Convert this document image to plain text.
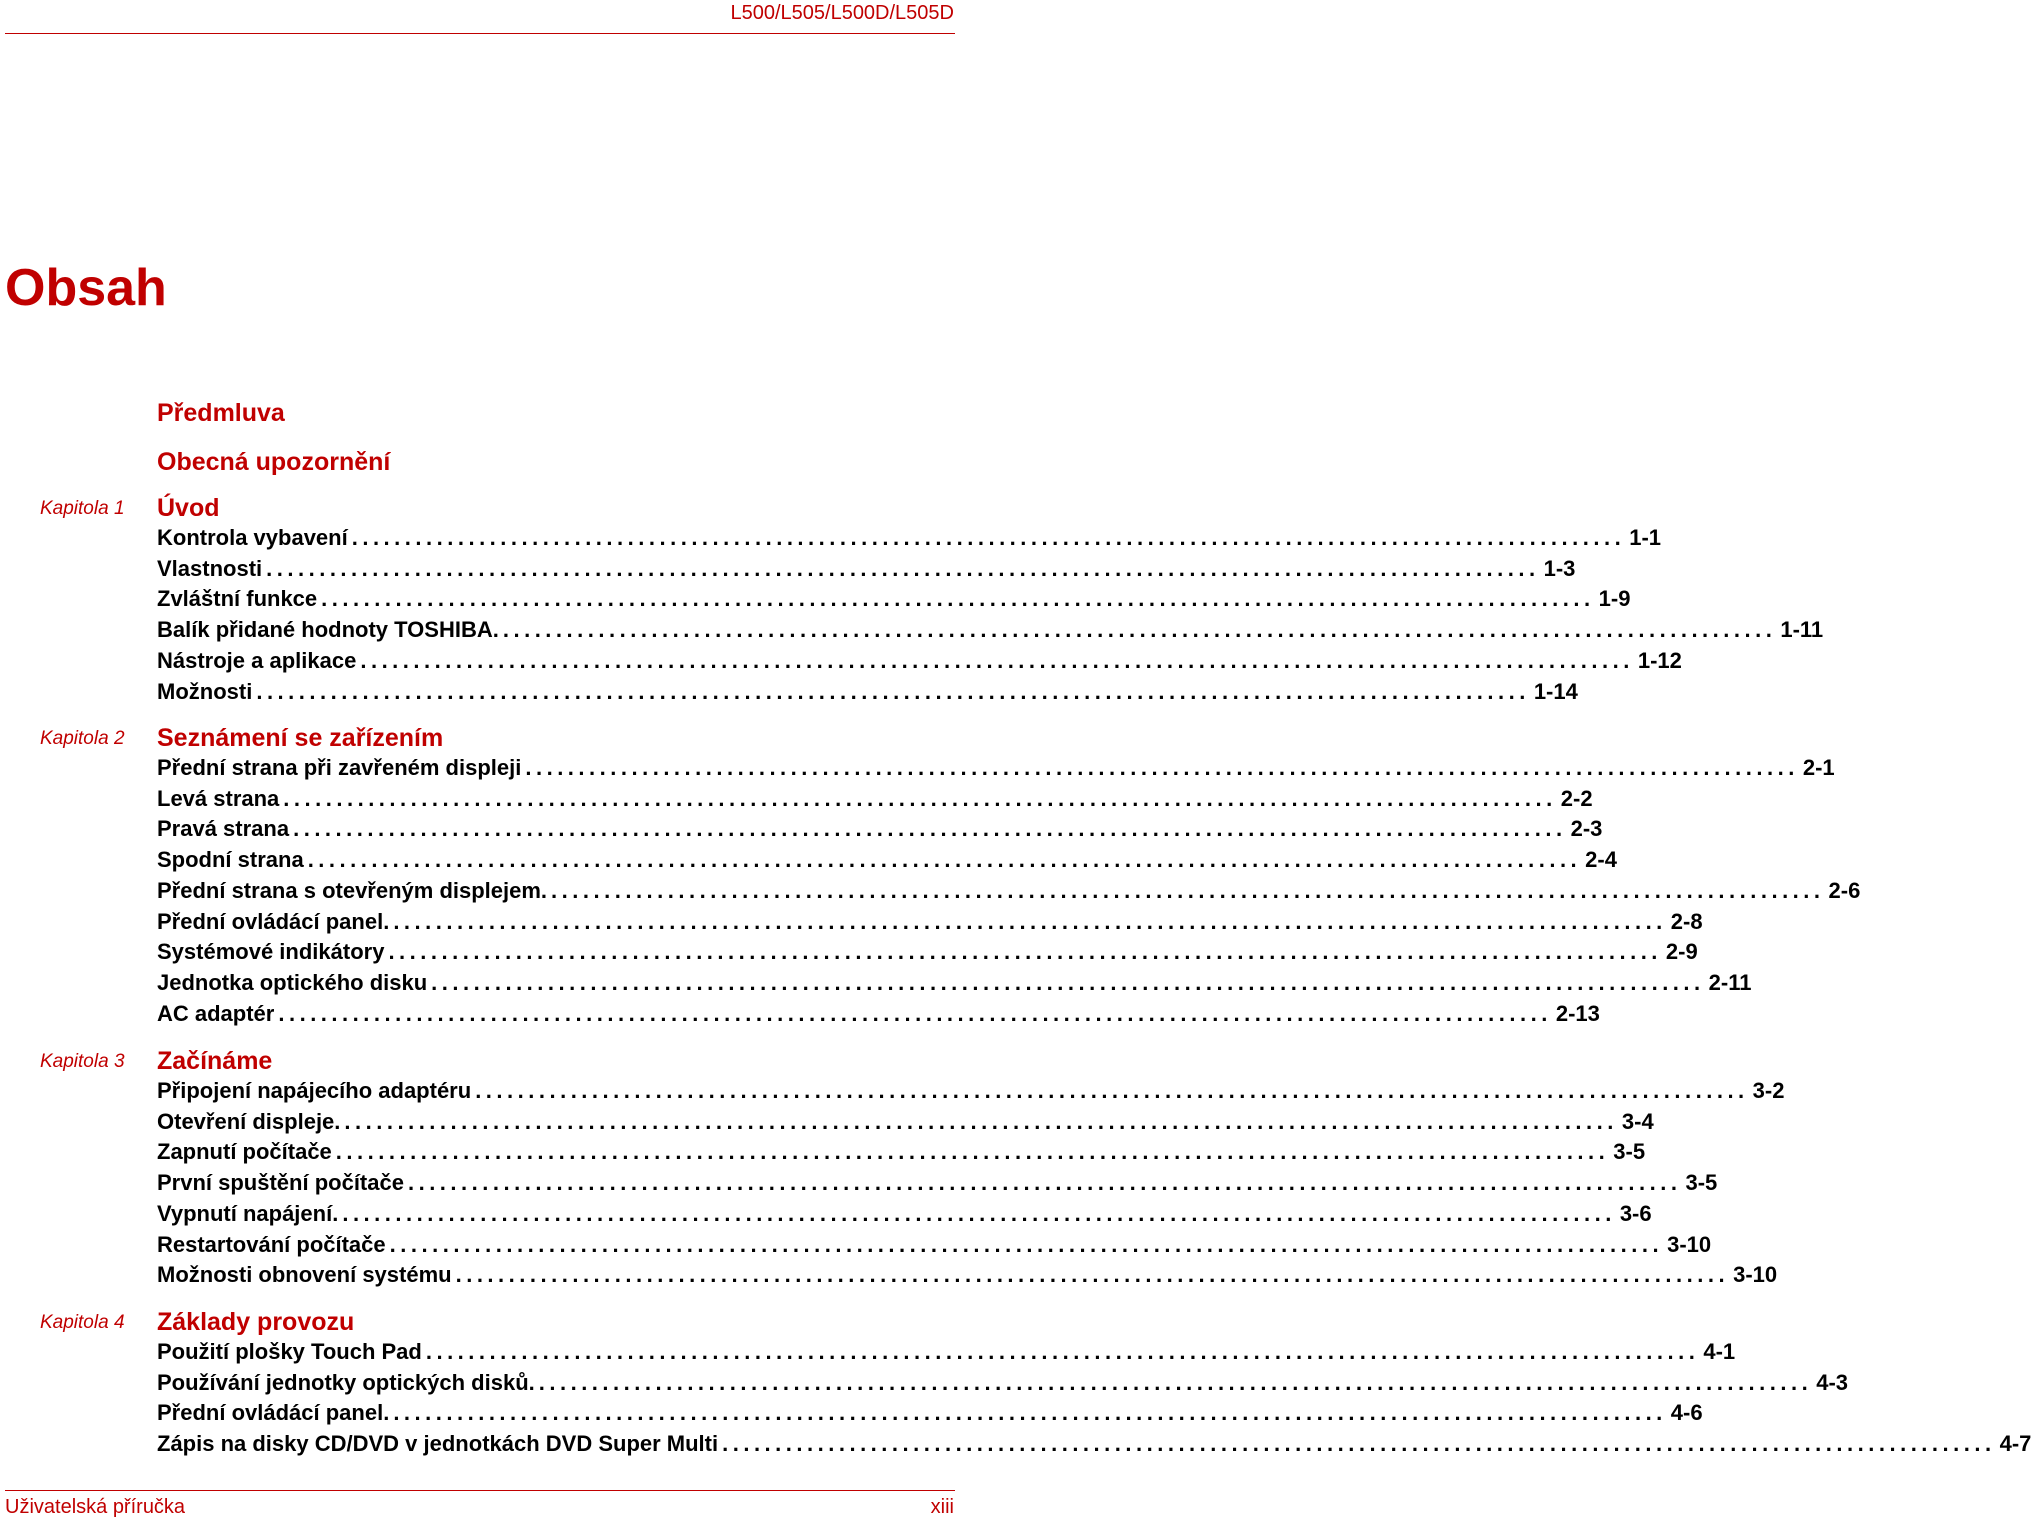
L500/L505/L500D/L505D
Obsah
Předmluva
Obecná upozornění
Kapitola 1	Úvod
Kontrola vybavení ........................................................................................................................ 1-1
Vlastnosti ........................................................................................................................ 1-3
Zvláštní funkce ........................................................................................................................ 1-9
Balík přidané hodnoty TOSHIBA. ........................................................................................................................ 1-11
Nástroje a aplikace ........................................................................................................................ 1-12
Možnosti ........................................................................................................................ 1-14
Kapitola 2	Seznámení se zařízením
Přední strana při zavřeném displeji ........................................................................................................................ 2-1
Levá strana ........................................................................................................................ 2-2
Pravá strana ........................................................................................................................ 2-3
Spodní strana ........................................................................................................................ 2-4
Přední strana s otevřeným displejem. ........................................................................................................................ 2-6
Přední ovládácí panel. ........................................................................................................................ 2-8
Systémové indikátory ........................................................................................................................ 2-9
Jednotka optického disku ........................................................................................................................ 2-11
AC adaptér ........................................................................................................................ 2-13
Kapitola 3	Začínáme
Připojení napájecího adaptéru ........................................................................................................................ 3-2
Otevření displeje. ........................................................................................................................ 3-4
Zapnutí počítače ........................................................................................................................ 3-5
První spuštění počítače ........................................................................................................................ 3-5
Vypnutí napájení. ........................................................................................................................ 3-6
Restartování počítače ........................................................................................................................ 3-10
Možnosti obnovení systému ........................................................................................................................ 3-10
Kapitola 4	Základy provozu
Použití plošky Touch Pad ........................................................................................................................ 4-1
Používání jednotky optických disků. ........................................................................................................................ 4-3
Přední ovládácí panel. ........................................................................................................................ 4-6
Zápis na disky CD/DVD v jednotkách DVD Super Multi ........................................................................................................................ 4-7
Uživatelská příručka	xiii
